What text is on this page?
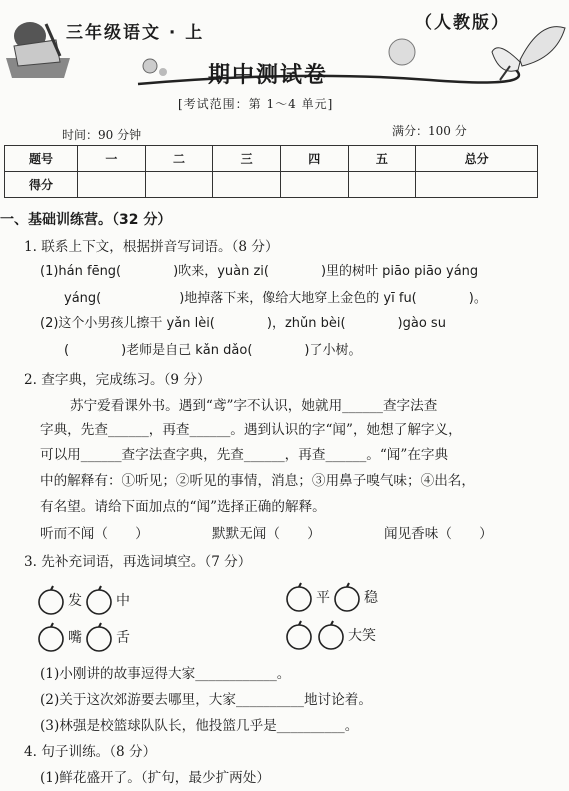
三年级语文 · 上	（人教版）
期中测试卷
[考试范围：第 1～4 单元]
时间：90 分钟	满分：100 分
题号	一	二	三	四	五	总分
得分						
一、基础训练营。（32 分）
1. 联系上下文，根据拼音写词语。（8 分）
(1)hán fēng(　　　　)吹来，yuàn zi(　　　　)里的树叶 piāo piāo yáng
yáng(　　　　　　)地掉落下来，像给大地穿上金色的 yī fu(　　　　)。
(2)这个小男孩儿擦干 yǎn lèi(　　　　)，zhǔn bèi(　　　　)gào su
(　　　　)老师是自己 kǎn dǎo(　　　　)了小树。
2. 查字典，完成练习。（9 分）
苏宁爱看课外书。遇到“鸢”字不认识，她就用______查字法查
字典，先查______，再查______。遇到认识的字“闻”，她想了解字义，
可以用______查字法查字典，先查______，再查______。“闻”在字典
中的解释有：①听见；②听见的事情，消息；③用鼻子嗅气味；④出名，
有名望。请给下面加点的“闻”选择正确的解释。
听而不闻（　　）	默默无闻（　　）	闻见香味（　　）
3. 先补充词语，再选词填空。（7 分）
发 中	平 稳
嘴 舌	大笑
(1)小刚讲的故事逗得大家____________。
(2)关于这次郊游要去哪里，大家__________地讨论着。
(3)林强是校篮球队队长，他投篮几乎是__________。
4. 句子训练。（8 分）
(1)鲜花盛开了。（扩句，最少扩两处）
